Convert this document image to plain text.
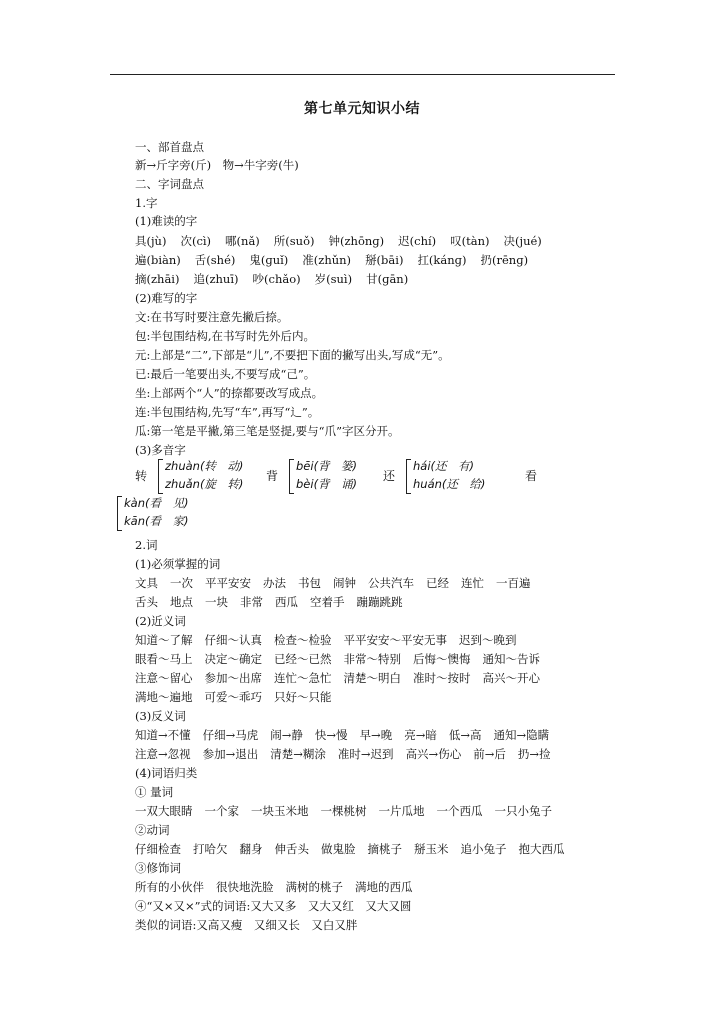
第七单元知识小结
一、部首盘点
新→斤字旁(斤)　物→牛字旁(牛)
二、字词盘点
1.字
(1)难读的字
具(jù) 次(cì) 哪(nǎ) 所(suǒ) 钟(zhōnɡ) 迟(chí) 叹(tàn) 决(jué)
遍(biàn) 舌(shé) 鬼(ɡuǐ) 准(zhǔn) 掰(bāi) 扛(kánɡ) 扔(rēnɡ)
摘(zhāi) 追(zhuī) 吵(chǎo) 岁(suì) 甘(ɡān)
(2)难写的字
文:在书写时要注意先撇后捺。
包:半包围结构,在书写时先外后内。
元:上部是“二”,下部是“儿”,不要把下面的撇写出头,写成“无”。
已:最后一笔要出头,不要写成“己”。
坐:上部两个“人”的捺都要改写成点。
连:半包围结构,先写“车”,再写“辶”。
瓜:第一笔是平撇,第三笔是竖提,要与“爪”字区分开。
(3)多音字
转
zhuàn(转　动)
zhuǎn(旋　转)
背
bēi(背　篓)
bèi(背　诵)
还
hái(还　有)
huán(还　给)
看
kàn(看　见)
kān(看　家)
2.词
(1)必须掌握的词
文具 一次 平平安安 办法 书包 闹钟 公共汽车 已经 连忙 一百遍
舌头 地点 一块 非常 西瓜 空着手 蹦蹦跳跳
(2)近义词
知道～了解 仔细～认真 检查～检验 平平安安～平安无事 迟到～晚到
眼看～马上 决定～确定 已经～已然 非常～特别 后悔～懊悔 通知～告诉
注意～留心 参加～出席 连忙～急忙 清楚～明白 准时～按时 高兴～开心
满地～遍地 可爱～乖巧 只好～只能
(3)反义词
知道→不懂 仔细→马虎 闹→静 快→慢 早→晚 亮→暗 低→高 通知→隐瞒
注意→忽视 参加→退出 清楚→糊涂 准时→迟到 高兴→伤心 前→后 扔→捡
(4)词语归类
① 量词
一双大眼睛 一个家 一块玉米地 一棵桃树 一片瓜地 一个西瓜 一只小兔子
②动词
仔细检查 打哈欠 翻身 伸舌头 做鬼脸 摘桃子 掰玉米 追小兔子 抱大西瓜
③修饰词
所有的小伙伴 很快地洗脸 满树的桃子 满地的西瓜
④“又×又×”式的词语:又大又多　又大又红　又大又圆
类似的词语:又高又瘦　又细又长　又白又胖
